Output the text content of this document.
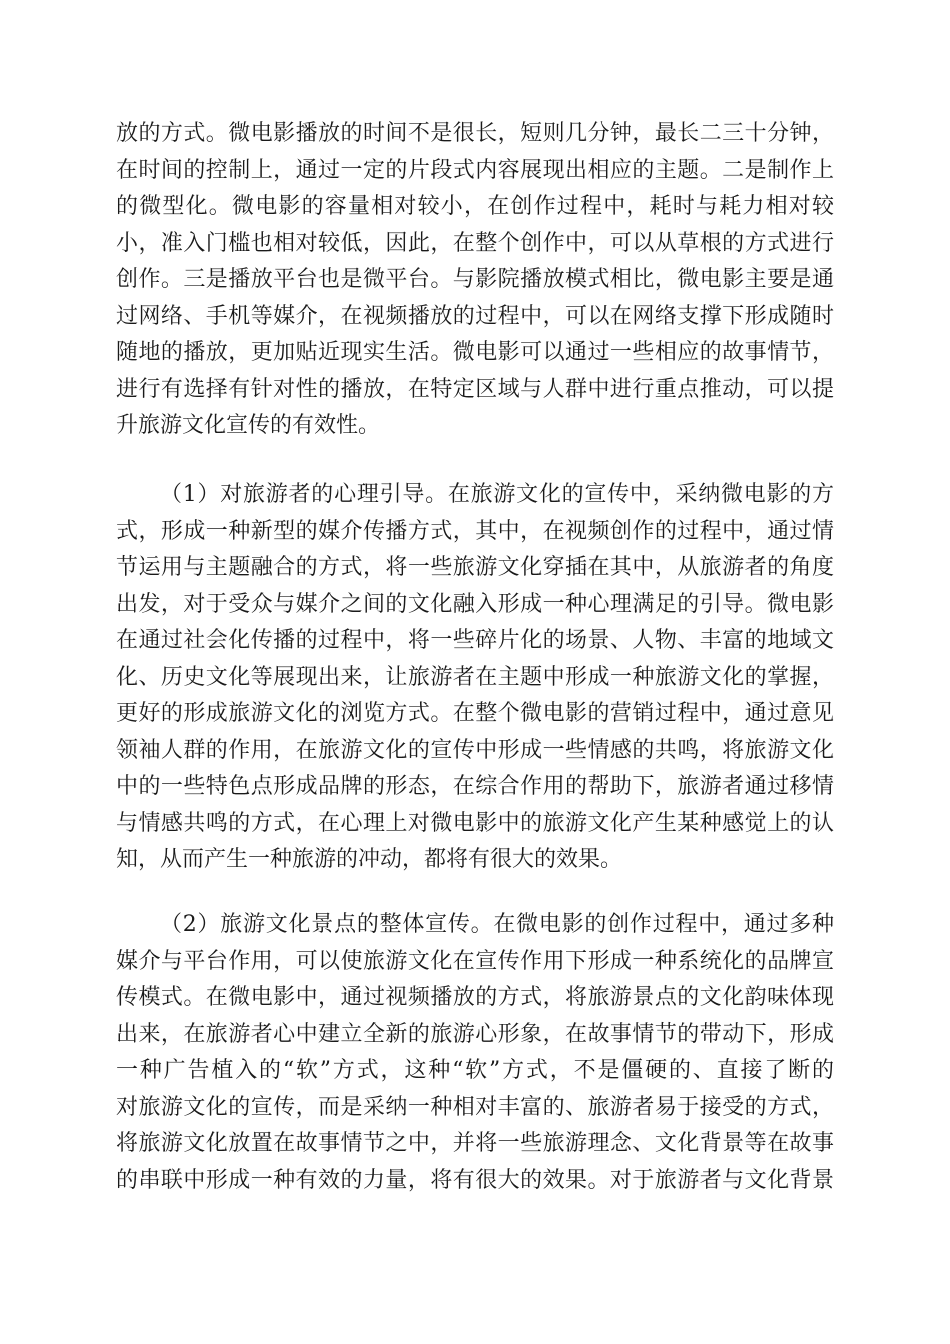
放的方式。微电影播放的时间不是很长，短则几分钟，最长二三十分钟，
在时间的控制上，通过一定的片段式内容展现出相应的主题。二是制作上
的微型化。微电影的容量相对较小，在创作过程中，耗时与耗力相对较
小，准入门槛也相对较低，因此，在整个创作中，可以从草根的方式进行
创作。三是播放平台也是微平台。与影院播放模式相比，微电影主要是通
过网络、手机等媒介，在视频播放的过程中，可以在网络支撑下形成随时
随地的播放，更加贴近现实生活。微电影可以通过一些相应的故事情节，
进行有选择有针对性的播放，在特定区域与人群中进行重点推动，可以提
升旅游文化宣传的有效性。
（1）对旅游者的心理引导。在旅游文化的宣传中，采纳微电影的方
式，形成一种新型的媒介传播方式，其中，在视频创作的过程中，通过情
节运用与主题融合的方式，将一些旅游文化穿插在其中，从旅游者的角度
出发，对于受众与媒介之间的文化融入形成一种心理满足的引导。微电影
在通过社会化传播的过程中，将一些碎片化的场景、人物、丰富的地域文
化、历史文化等展现出来，让旅游者在主题中形成一种旅游文化的掌握，
更好的形成旅游文化的浏览方式。在整个微电影的营销过程中，通过意见
领袖人群的作用，在旅游文化的宣传中形成一些情感的共鸣，将旅游文化
中的一些特色点形成品牌的形态，在综合作用的帮助下，旅游者通过移情
与情感共鸣的方式，在心理上对微电影中的旅游文化产生某种感觉上的认
知，从而产生一种旅游的冲动，都将有很大的效果。
（2）旅游文化景点的整体宣传。在微电影的创作过程中，通过多种
媒介与平台作用，可以使旅游文化在宣传作用下形成一种系统化的品牌宣
传模式。在微电影中，通过视频播放的方式，将旅游景点的文化韵味体现
出来，在旅游者心中建立全新的旅游心形象，在故事情节的带动下，形成
一种广告植入的“软”方式，这种“软”方式，不是僵硬的、直接了断的
对旅游文化的宣传，而是采纳一种相对丰富的、旅游者易于接受的方式，
将旅游文化放置在故事情节之中，并将一些旅游理念、文化背景等在故事
的串联中形成一种有效的力量，将有很大的效果。对于旅游者与文化背景
